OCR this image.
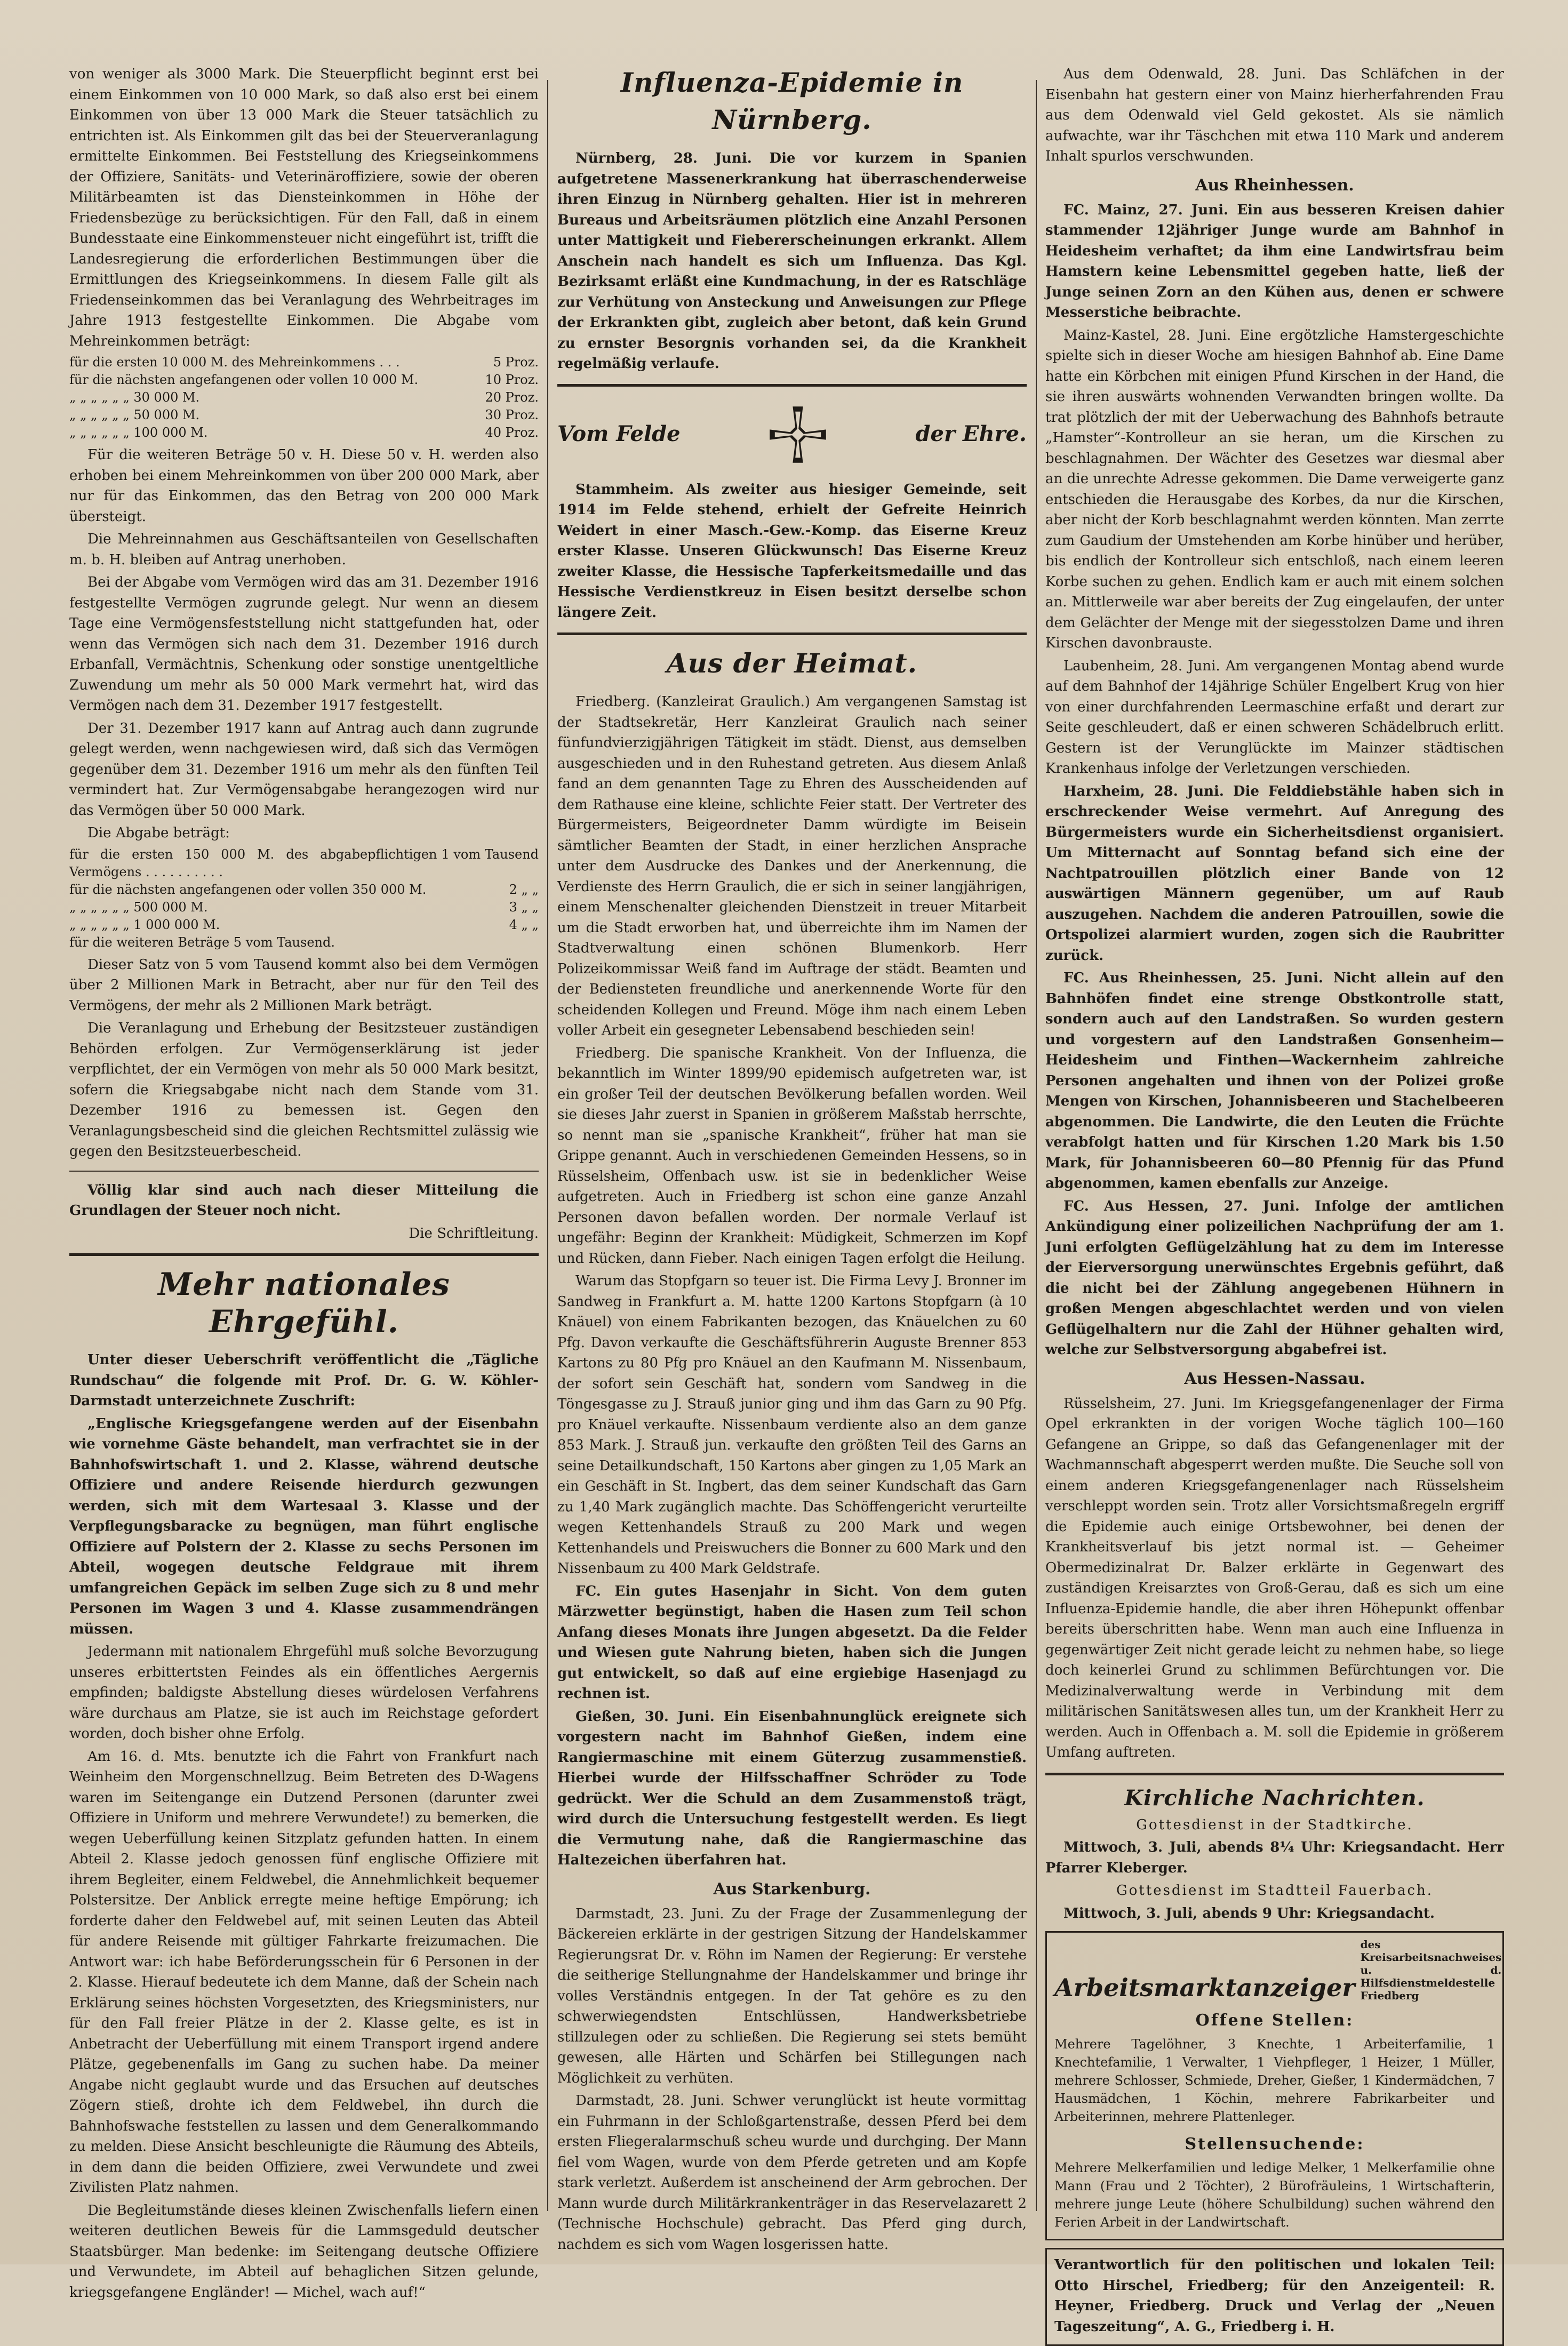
von weniger als 3000 Mark. Die Steuerpflicht beginnt erst bei einem Einkommen von 10 000 Mark, so daß also erst bei einem Einkommen von über 13 000 Mark die Steuer tatsächlich zu entrichten ist. Als Einkommen gilt das bei der Steuerveranlagung ermittelte Einkommen. Bei Feststellung des Kriegseinkommens der Offiziere, Sanitäts- und Veterinäroffiziere, sowie der oberen Militärbeamten ist das Diensteinkommen in Höhe der Friedensbezüge zu berücksichtigen. Für den Fall, daß in einem Bundesstaate eine Einkommensteuer nicht eingeführt ist, trifft die Landesregierung die erforderlichen Bestimmungen über die Ermittlungen des Kriegseinkommens. In diesem Falle gilt als Friedenseinkommen das bei Veranlagung des Wehrbeitrages im Jahre 1913 festgestellte Einkommen. Die Abgabe vom Mehreinkommen beträgt:

für die ersten 10 000 M. des Mehreinkommens . . .	5 Proz.
für die nächsten angefangenen oder vollen 10 000 M.	10 Proz.
„ „ „ „ „ „ 30 000 M.	20 Proz.
„ „ „ „ „ „ 50 000 M.	30 Proz.
„ „ „ „ „ „ 100 000 M.	40 Proz.

Für die weiteren Beträge 50 v. H. Diese 50 v. H. werden also erhoben bei einem Mehreinkommen von über 200 000 Mark, aber nur für das Einkommen, das den Betrag von 200 000 Mark übersteigt.

Die Mehreinnahmen aus Geschäftsanteilen von Gesellschaften m. b. H. bleiben auf Antrag unerhoben.

Bei der Abgabe vom Vermögen wird das am 31. Dezember 1916 festgestellte Vermögen zugrunde gelegt. Nur wenn an diesem Tage eine Vermögensfeststellung nicht stattgefunden hat, oder wenn das Vermögen sich nach dem 31. Dezember 1916 durch Erbanfall, Vermächtnis, Schenkung oder sonstige unentgeltliche Zuwendung um mehr als 50 000 Mark vermehrt hat, wird das Vermögen nach dem 31. Dezember 1917 festgestellt.

Der 31. Dezember 1917 kann auf Antrag auch dann zugrunde gelegt werden, wenn nachgewiesen wird, daß sich das Vermögen gegenüber dem 31. Dezember 1916 um mehr als den fünften Teil vermindert hat. Zur Vermögensabgabe herangezogen wird nur das Vermögen über 50 000 Mark.

Die Abgabe beträgt:

für die ersten 150 000 M. des abgabepflichtigen Vermögens . . . . . . . . . .	1 vom Tausend
für die nächsten angefangenen oder vollen 350 000 M.	2 „ „
„ „ „ „ „ „ 500 000 M.	3 „ „
„ „ „ „ „ „ 1 000 000 M.	4 „ „
für die weiteren Beträge 5 vom Tausend.	

Dieser Satz von 5 vom Tausend kommt also bei dem Vermögen über 2 Millionen Mark in Betracht, aber nur für den Teil des Vermögens, der mehr als 2 Millionen Mark beträgt.

Die Veranlagung und Erhebung der Besitzsteuer zuständigen Behörden erfolgen. Zur Vermögenserklärung ist jeder verpflichtet, der ein Vermögen von mehr als 50 000 Mark besitzt, sofern die Kriegsabgabe nicht nach dem Stande vom 31. Dezember 1916 zu bemessen ist. Gegen den Veranlagungsbescheid sind die gleichen Rechtsmittel zulässig wie gegen den Besitzsteuerbescheid.

Völlig klar sind auch nach dieser Mitteilung die Grundlagen der Steuer noch nicht.

Die Schriftleitung.

Mehr nationales Ehrgefühl.

Unter dieser Ueberschrift veröffentlicht die „Tägliche Rundschau“ die folgende mit Prof. Dr. G. W. Köhler-Darmstadt unterzeichnete Zuschrift:

„Englische Kriegsgefangene werden auf der Eisenbahn wie vornehme Gäste behandelt, man verfrachtet sie in der Bahnhofswirtschaft 1. und 2. Klasse, während deutsche Offiziere und andere Reisende hierdurch gezwungen werden, sich mit dem Wartesaal 3. Klasse und der Verpflegungsbaracke zu begnügen, man führt englische Offiziere auf Polstern der 2. Klasse zu sechs Personen im Abteil, wogegen deutsche Feldgraue mit ihrem umfangreichen Gepäck im selben Zuge sich zu 8 und mehr Personen im Wagen 3 und 4. Klasse zusammendrängen müssen.

Jedermann mit nationalem Ehrgefühl muß solche Bevorzugung unseres erbittertsten Feindes als ein öffentliches Aergernis empfinden; baldigste Abstellung dieses würdelosen Verfahrens wäre durchaus am Platze, sie ist auch im Reichstage gefordert worden, doch bisher ohne Erfolg.

Am 16. d. Mts. benutzte ich die Fahrt von Frankfurt nach Weinheim den Morgenschnellzug. Beim Betreten des D-Wagens waren im Seitengange ein Dutzend Personen (darunter zwei Offiziere in Uniform und mehrere Verwundete!) zu bemerken, die wegen Ueberfüllung keinen Sitzplatz gefunden hatten. In einem Abteil 2. Klasse jedoch genossen fünf englische Offiziere mit ihrem Begleiter, einem Feldwebel, die Annehmlichkeit bequemer Polstersitze. Der Anblick erregte meine heftige Empörung; ich forderte daher den Feldwebel auf, mit seinen Leuten das Abteil für andere Reisende mit gültiger Fahrkarte freizumachen. Die Antwort war: ich habe Beförderungsschein für 6 Personen in der 2. Klasse. Hierauf bedeutete ich dem Manne, daß der Schein nach Erklärung seines höchsten Vorgesetzten, des Kriegsministers, nur für den Fall freier Plätze in der 2. Klasse gelte, es ist in Anbetracht der Ueberfüllung mit einem Transport irgend andere Plätze, gegebenenfalls im Gang zu suchen habe. Da meiner Angabe nicht geglaubt wurde und das Ersuchen auf deutsches Zögern stieß, drohte ich dem Feldwebel, ihn durch die Bahnhofswache feststellen zu lassen und dem Generalkommando zu melden. Diese Ansicht beschleunigte die Räumung des Abteils, in dem dann die beiden Offiziere, zwei Verwundete und zwei Zivilisten Platz nahmen.

Die Begleitumstände dieses kleinen Zwischenfalls liefern einen weiteren deutlichen Beweis für die Lammsgeduld deutscher Staatsbürger. Man bedenke: im Seitengang deutsche Offiziere und Verwundete, im Abteil auf behaglichen Sitzen gelunde, kriegsgefangene Engländer! — Michel, wach auf!“

Influenza-Epidemie in Nürnberg.

Nürnberg, 28. Juni. Die vor kurzem in Spanien aufgetretene Massenerkrankung hat überraschenderweise ihren Einzug in Nürnberg gehalten. Hier ist in mehreren Bureaus und Arbeitsräumen plötzlich eine Anzahl Personen unter Mattigkeit und Fiebererscheinungen erkrankt. Allem Anschein nach handelt es sich um Influenza. Das Kgl. Bezirksamt erläßt eine Kundmachung, in der es Ratschläge zur Verhütung von Ansteckung und Anweisungen zur Pflege der Erkrankten gibt, zugleich aber betont, daß kein Grund zu ernster Besorgnis vorhanden sei, da die Krankheit regelmäßig verlaufe.

Vom Felde	der Ehre.

Stammheim. Als zweiter aus hiesiger Gemeinde, seit 1914 im Felde stehend, erhielt der Gefreite Heinrich Weidert in einer Masch.-Gew.-Komp. das Eiserne Kreuz erster Klasse. Unseren Glückwunsch! Das Eiserne Kreuz zweiter Klasse, die Hessische Tapferkeitsmedaille und das Hessische Verdienstkreuz in Eisen besitzt derselbe schon längere Zeit.

Aus der Heimat.

Friedberg. (Kanzleirat Graulich.) Am vergangenen Samstag ist der Stadtsekretär, Herr Kanzleirat Graulich nach seiner fünfundvierzigjährigen Tätigkeit im städt. Dienst, aus demselben ausgeschieden und in den Ruhestand getreten. Aus diesem Anlaß fand an dem genannten Tage zu Ehren des Ausscheidenden auf dem Rathause eine kleine, schlichte Feier statt. Der Vertreter des Bürgermeisters, Beigeordneter Damm würdigte im Beisein sämtlicher Beamten der Stadt, in einer herzlichen Ansprache unter dem Ausdrucke des Dankes und der Anerkennung, die Verdienste des Herrn Graulich, die er sich in seiner langjährigen, einem Menschenalter gleichenden Dienstzeit in treuer Mitarbeit um die Stadt erworben hat, und überreichte ihm im Namen der Stadtverwaltung einen schönen Blumenkorb. Herr Polizeikommissar Weiß fand im Auftrage der städt. Beamten und der Bediensteten freundliche und anerkennende Worte für den scheidenden Kollegen und Freund. Möge ihm nach einem Leben voller Arbeit ein gesegneter Lebensabend beschieden sein!

Friedberg. Die spanische Krankheit. Von der Influenza, die bekanntlich im Winter 1899/90 epidemisch aufgetreten war, ist ein großer Teil der deutschen Bevölkerung befallen worden. Weil sie dieses Jahr zuerst in Spanien in größerem Maßstab herrschte, so nennt man sie „spanische Krankheit“, früher hat man sie Grippe genannt. Auch in verschiedenen Gemeinden Hessens, so in Rüsselsheim, Offenbach usw. ist sie in bedenklicher Weise aufgetreten. Auch in Friedberg ist schon eine ganze Anzahl Personen davon befallen worden. Der normale Verlauf ist ungefähr: Beginn der Krankheit: Müdigkeit, Schmerzen im Kopf und Rücken, dann Fieber. Nach einigen Tagen erfolgt die Heilung.

Warum das Stopfgarn so teuer ist. Die Firma Levy J. Bronner im Sandweg in Frankfurt a. M. hatte 1200 Kartons Stopfgarn (à 10 Knäuel) von einem Fabrikanten bezogen, das Knäuelchen zu 60 Pfg. Davon verkaufte die Geschäftsführerin Auguste Brenner 853 Kartons zu 80 Pfg pro Knäuel an den Kaufmann M. Nissenbaum, der sofort sein Geschäft hat, sondern vom Sandweg in die Töngesgasse zu J. Strauß junior ging und ihm das Garn zu 90 Pfg. pro Knäuel verkaufte. Nissenbaum verdiente also an dem ganze 853 Mark. J. Strauß jun. verkaufte den größten Teil des Garns an seine Detailkundschaft, 150 Kartons aber gingen zu 1,05 Mark an ein Geschäft in St. Ingbert, das dem seiner Kundschaft das Garn zu 1,40 Mark zugänglich machte. Das Schöffengericht verurteilte wegen Kettenhandels Strauß zu 200 Mark und wegen Kettenhandels und Preiswuchers die Bonner zu 600 Mark und den Nissenbaum zu 400 Mark Geldstrafe.

FC. Ein gutes Hasenjahr in Sicht. Von dem guten Märzwetter begünstigt, haben die Hasen zum Teil schon Anfang dieses Monats ihre Jungen abgesetzt. Da die Felder und Wiesen gute Nahrung bieten, haben sich die Jungen gut entwickelt, so daß auf eine ergiebige Hasenjagd zu rechnen ist.

Gießen, 30. Juni. Ein Eisenbahnunglück ereignete sich vorgestern nacht im Bahnhof Gießen, indem eine Rangiermaschine mit einem Güterzug zusammenstieß. Hierbei wurde der Hilfsschaffner Schröder zu Tode gedrückt. Wer die Schuld an dem Zusammenstoß trägt, wird durch die Untersuchung festgestellt werden. Es liegt die Vermutung nahe, daß die Rangiermaschine das Haltezeichen überfahren hat.

Aus Starkenburg.

Darmstadt, 23. Juni. Zu der Frage der Zusammenlegung der Bäckereien erklärte in der gestrigen Sitzung der Handelskammer Regierungsrat Dr. v. Röhn im Namen der Regierung: Er verstehe die seitherige Stellungnahme der Handelskammer und bringe ihr volles Verständnis entgegen. In der Tat gehöre es zu den schwerwiegendsten Entschlüssen, Handwerksbetriebe stillzulegen oder zu schließen. Die Regierung sei stets bemüht gewesen, alle Härten und Schärfen bei Stillegungen nach Möglichkeit zu verhüten.

Darmstadt, 28. Juni. Schwer verunglückt ist heute vormittag ein Fuhrmann in der Schloßgartenstraße, dessen Pferd bei dem ersten Fliegeralarmschuß scheu wurde und durchging. Der Mann fiel vom Wagen, wurde von dem Pferde getreten und am Kopfe stark verletzt. Außerdem ist anscheinend der Arm gebrochen. Der Mann wurde durch Militärkrankenträger in das Reservelazarett 2 (Technische Hochschule) gebracht. Das Pferd ging durch, nachdem es sich vom Wagen losgerissen hatte.

Aus dem Odenwald, 28. Juni. Das Schläfchen in der Eisenbahn hat gestern einer von Mainz hierherfahrenden Frau aus dem Odenwald viel Geld gekostet. Als sie nämlich aufwachte, war ihr Täschchen mit etwa 110 Mark und anderem Inhalt spurlos verschwunden.

Aus Rheinhessen.

FC. Mainz, 27. Juni. Ein aus besseren Kreisen dahier stammender 12jähriger Junge wurde am Bahnhof in Heidesheim verhaftet; da ihm eine Landwirtsfrau beim Hamstern keine Lebensmittel gegeben hatte, ließ der Junge seinen Zorn an den Kühen aus, denen er schwere Messerstiche beibrachte.

Mainz-Kastel, 28. Juni. Eine ergötzliche Hamstergeschichte spielte sich in dieser Woche am hiesigen Bahnhof ab. Eine Dame hatte ein Körbchen mit einigen Pfund Kirschen in der Hand, die sie ihren auswärts wohnenden Verwandten bringen wollte. Da trat plötzlich der mit der Ueberwachung des Bahnhofs betraute „Hamster“-Kontrolleur an sie heran, um die Kirschen zu beschlagnahmen. Der Wächter des Gesetzes war diesmal aber an die unrechte Adresse gekommen. Die Dame verweigerte ganz entschieden die Herausgabe des Korbes, da nur die Kirschen, aber nicht der Korb beschlagnahmt werden könnten. Man zerrte zum Gaudium der Umstehenden am Korbe hinüber und herüber, bis endlich der Kontrolleur sich entschloß, nach einem leeren Korbe suchen zu gehen. Endlich kam er auch mit einem solchen an. Mittlerweile war aber bereits der Zug eingelaufen, der unter dem Gelächter der Menge mit der siegesstolzen Dame und ihren Kirschen davonbrauste.

Laubenheim, 28. Juni. Am vergangenen Montag abend wurde auf dem Bahnhof der 14jährige Schüler Engelbert Krug von hier von einer durchfahrenden Leermaschine erfaßt und derart zur Seite geschleudert, daß er einen schweren Schädelbruch erlitt. Gestern ist der Verunglückte im Mainzer städtischen Krankenhaus infolge der Verletzungen verschieden.

Harxheim, 28. Juni. Die Felddiebstähle haben sich in erschreckender Weise vermehrt. Auf Anregung des Bürgermeisters wurde ein Sicherheitsdienst organisiert. Um Mitternacht auf Sonntag befand sich eine der Nachtpatrouillen plötzlich einer Bande von 12 auswärtigen Männern gegenüber, um auf Raub auszugehen. Nachdem die anderen Patrouillen, sowie die Ortspolizei alarmiert wurden, zogen sich die Raubritter zurück.

FC. Aus Rheinhessen, 25. Juni. Nicht allein auf den Bahnhöfen findet eine strenge Obstkontrolle statt, sondern auch auf den Landstraßen. So wurden gestern und vorgestern auf den Landstraßen Gonsenheim—Heidesheim und Finthen—Wackernheim zahlreiche Personen angehalten und ihnen von der Polizei große Mengen von Kirschen, Johannisbeeren und Stachelbeeren abgenommen. Die Landwirte, die den Leuten die Früchte verabfolgt hatten und für Kirschen 1.20 Mark bis 1.50 Mark, für Johannisbeeren 60—80 Pfennig für das Pfund abgenommen, kamen ebenfalls zur Anzeige.

FC. Aus Hessen, 27. Juni. Infolge der amtlichen Ankündigung einer polizeilichen Nachprüfung der am 1. Juni erfolgten Geflügelzählung hat zu dem im Interesse der Eierversorgung unerwünschtes Ergebnis geführt, daß die nicht bei der Zählung angegebenen Hühnern in großen Mengen abgeschlachtet werden und von vielen Geflügelhaltern nur die Zahl der Hühner gehalten wird, welche zur Selbstversorgung abgabefrei ist.

Aus Hessen-Nassau.

Rüsselsheim, 27. Juni. Im Kriegsgefangenenlager der Firma Opel erkrankten in der vorigen Woche täglich 100—160 Gefangene an Grippe, so daß das Gefangenenlager mit der Wachmannschaft abgesperrt werden mußte. Die Seuche soll von einem anderen Kriegsgefangenenlager nach Rüsselsheim verschleppt worden sein. Trotz aller Vorsichtsmaßregeln ergriff die Epidemie auch einige Ortsbewohner, bei denen der Krankheitsverlauf bis jetzt normal ist. — Geheimer Obermedizinalrat Dr. Balzer erklärte in Gegenwart des zuständigen Kreisarztes von Groß-Gerau, daß es sich um eine Influenza-Epidemie handle, die aber ihren Höhepunkt offenbar bereits überschritten habe. Wenn man auch eine Influenza in gegenwärtiger Zeit nicht gerade leicht zu nehmen habe, so liege doch keinerlei Grund zu schlimmen Befürchtungen vor. Die Medizinalverwaltung werde in Verbindung mit dem militärischen Sanitätswesen alles tun, um der Krankheit Herr zu werden. Auch in Offenbach a. M. soll die Epidemie in größerem Umfang auftreten.

Kirchliche Nachrichten.

Gottesdienst in der Stadtkirche.

Mittwoch, 3. Juli, abends 8¼ Uhr: Kriegsandacht. Herr Pfarrer Kleberger.

Gottesdienst im Stadtteil Fauerbach.

Mittwoch, 3. Juli, abends 9 Uhr: Kriegsandacht.

Arbeitsmarktanzeiger
des Kreisarbeitsnachweises u. d. Hilfsdienstmeldestelle Friedberg
Offene Stellen:

Mehrere Tagelöhner, 3 Knechte, 1 Arbeiterfamilie, 1 Knechtefamilie, 1 Verwalter, 1 Viehpfleger, 1 Heizer, 1 Müller, mehrere Schlosser, Schmiede, Dreher, Gießer, 1 Kindermädchen, 7 Hausmädchen, 1 Köchin, mehrere Fabrikarbeiter und Arbeiterinnen, mehrere Plattenleger.

Stellensuchende:

Mehrere Melkerfamilien und ledige Melker, 1 Melkerfamilie ohne Mann (Frau und 2 Töchter), 2 Bürofräuleins, 1 Wirtschafterin, mehrere junge Leute (höhere Schulbildung) suchen während den Ferien Arbeit in der Landwirtschaft.

Verantwortlich für den politischen und lokalen Teil: Otto Hirschel, Friedberg; für den Anzeigenteil: R. Heyner, Friedberg. Druck und Verlag der „Neuen Tageszeitung“, A. G., Friedberg i. H.
